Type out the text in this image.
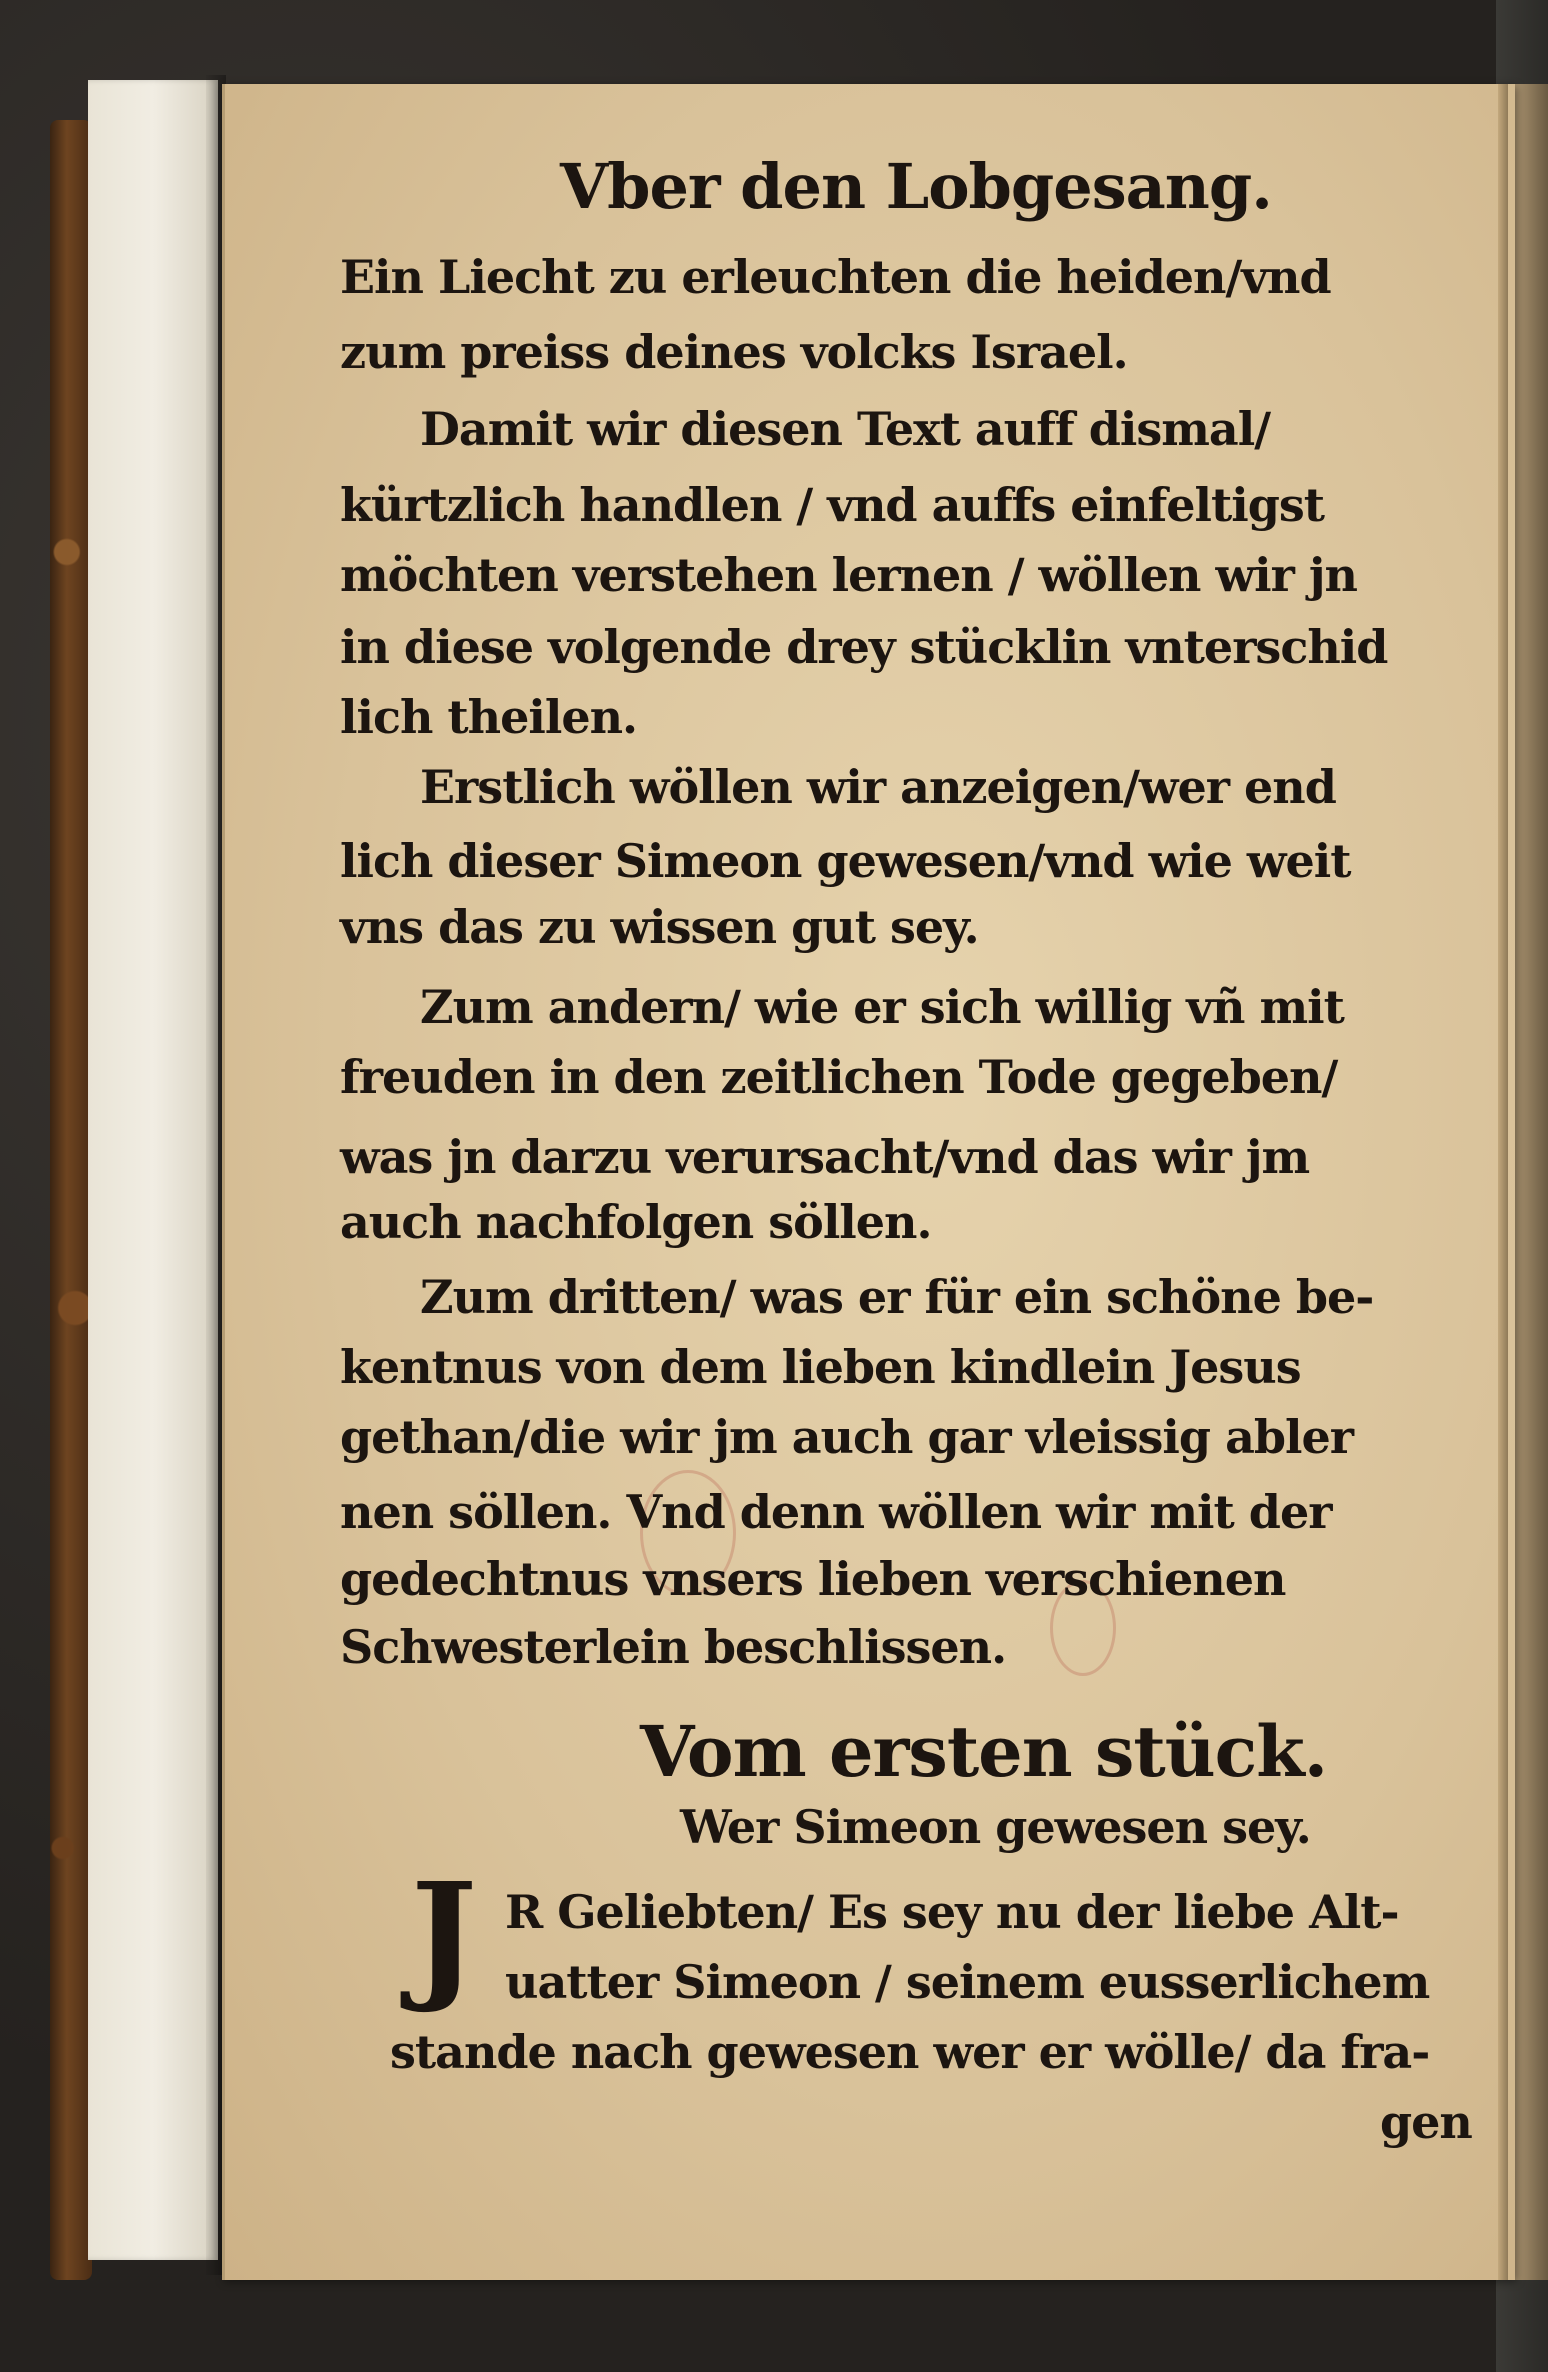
Vber den Lobgesang.
Ein Liecht zu erleuchten die heiden/vnd
zum preiss deines volcks Israel.
Damit wir diesen Text auff dismal/
kürtzlich handlen / vnd auffs einfeltigst
möchten verstehen lernen / wöllen wir jn
in diese volgende drey stücklin vnterschid
lich theilen.
Erstlich wöllen wir anzeigen/wer end
lich dieser Simeon gewesen/vnd wie weit
vns das zu wissen gut sey.
Zum andern/ wie er sich willig vñ mit
freuden in den zeitlichen Tode gegeben/
was jn darzu verursacht/vnd das wir jm
auch nachfolgen söllen.
Zum dritten/ was er für ein schöne be-
kentnus von dem lieben kindlein Jesus
gethan/die wir jm auch gar vleissig abler
nen söllen. Vnd denn wöllen wir mit der
gedechtnus vnsers lieben verschienen
Schwesterlein beschlissen.
Vom ersten stück.
Wer Simeon gewesen sey.
J R Geliebten/ Es sey nu der liebe Alt-
uatter Simeon / seinem eusserlichem
stande nach gewesen wer er wölle/ da fra-
gen
